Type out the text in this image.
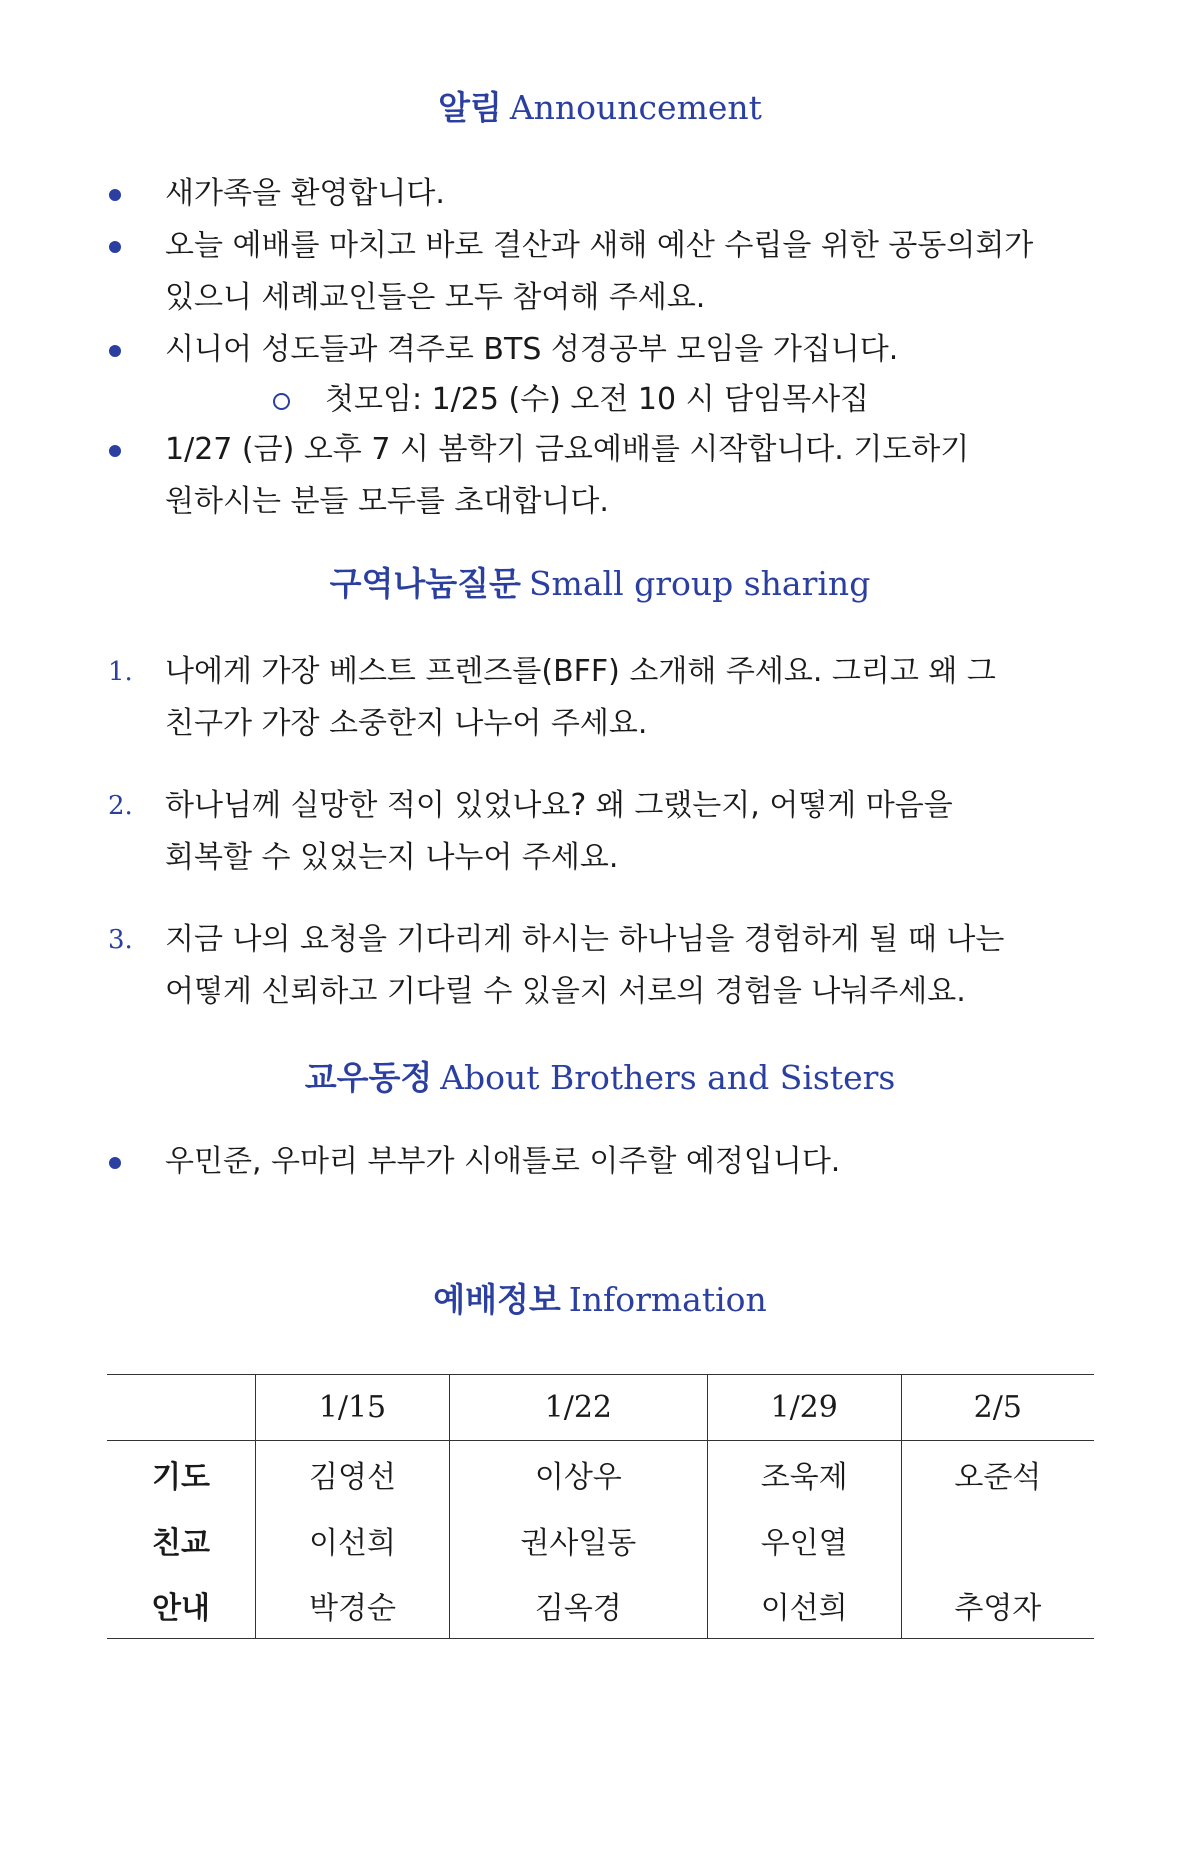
알림 Announcement
새가족을 환영합니다.
오늘 예배를 마치고 바로 결산과 새해 예산 수립을 위한 공동의회가
있으니 세례교인들은 모두 참여해 주세요.
시니어 성도들과 격주로 BTS 성경공부 모임을 가집니다.
첫모임: 1/25 (수) 오전 10 시 담임목사집
1/27 (금) 오후 7 시 봄학기 금요예배를 시작합니다. 기도하기
원하시는 분들 모두를 초대합니다.
구역나눔질문 Small group sharing
1. 나에게 가장 베스트 프렌즈를(BFF) 소개해 주세요. 그리고 왜 그
친구가 가장 소중한지 나누어 주세요.
2. 하나님께 실망한 적이 있었나요? 왜 그랬는지, 어떻게 마음을
회복할 수 있었는지 나누어 주세요.
3. 지금 나의 요청을 기다리게 하시는 하나님을 경험하게 될 때 나는
어떻게 신뢰하고 기다릴 수 있을지 서로의 경험을 나눠주세요.
교우동정 About Brothers and Sisters
우민준, 우마리 부부가 시애틀로 이주할 예정입니다.
예배정보 Information
	1/15	1/22	1/29	2/5
기도	김영선	이상우	조욱제	오준석
친교	이선희	권사일동	우인열	
안내	박경순	김옥경	이선희	추영자
